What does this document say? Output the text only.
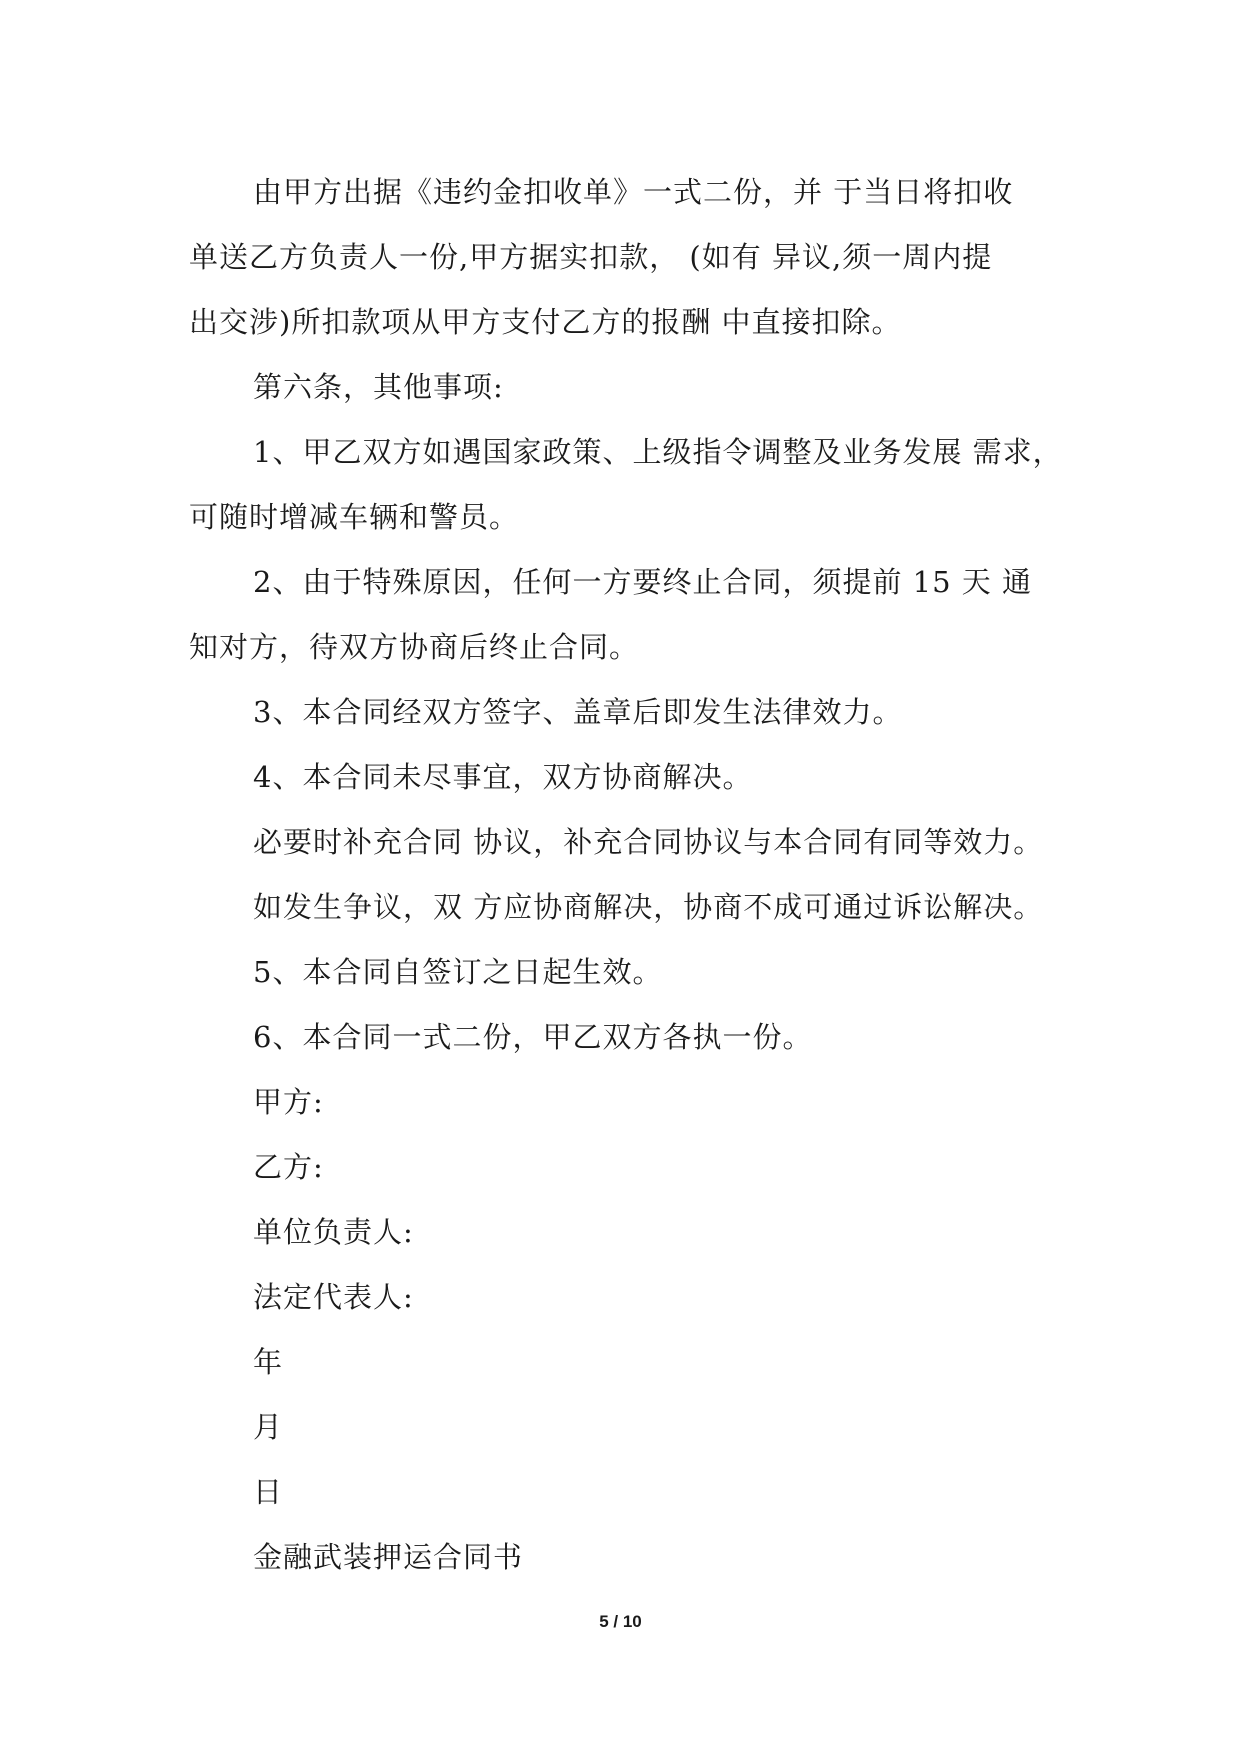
由甲方出据《违约金扣收单》一式二份，并 于当日将扣收
单送乙方负责人一份,甲方据实扣款， (如有 异议,须一周内提
出交涉)所扣款项从甲方支付乙方的报酬 中直接扣除。
第六条，其他事项:
1、甲乙双方如遇国家政策、上级指令调整及业务发展 需求，
可随时增减车辆和警员。
2、由于特殊原因，任何一方要终止合同，须提前 15 天 通
知对方，待双方协商后终止合同。
3、本合同经双方签字、盖章后即发生法律效力。
4、本合同未尽事宜，双方协商解决。
必要时补充合同 协议，补充合同协议与本合同有同等效力。
如发生争议，双 方应协商解决，协商不成可通过诉讼解决。
5、本合同自签订之日起生效。
6、本合同一式二份，甲乙双方各执一份。
甲方:
乙方:
单位负责人:
法定代表人:
年
月
日
金融武装押运合同书
5 / 10
